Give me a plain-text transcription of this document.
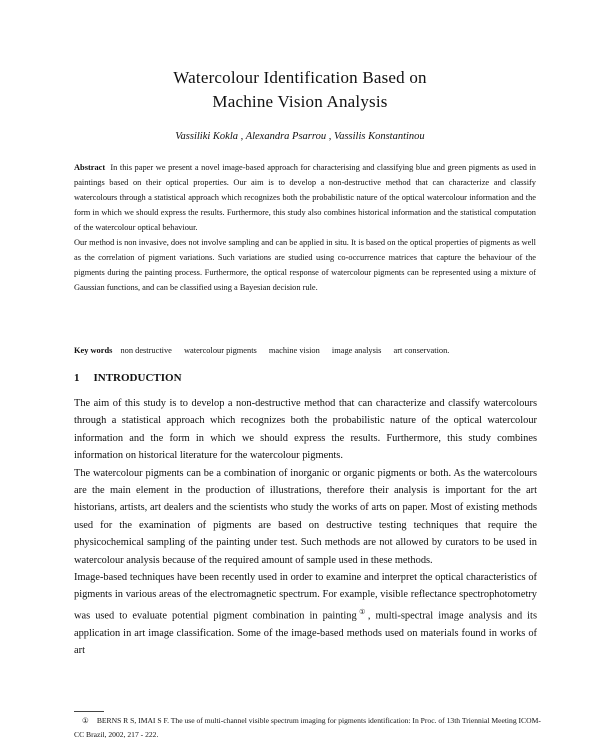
Watercolour Identification Based on
Machine Vision Analysis
Vassiliki Kokla , Alexandra Psarrou , Vassilis Konstantinou

Abstract In this paper we present a novel image-based approach for characterising and classifying blue and green pigments as used in paintings based on their optical properties. Our aim is to develop a non-destructive method that can characterize and classify watercolours through a statistical approach which recognizes both the probabilistic nature of the optical watercolour information and the form in which we should express the results. Furthermore, this study also combines historical information and the statistical computation of the watercolour optical behaviour.

Our method is non invasive, does not involve sampling and can be applied in situ. It is based on the optical properties of pigments as well as the correlation of pigment variations. Such variations are studied using co-occurrence matrices that capture the behaviour of the pigments during the painting process. Furthermore, the optical response of watercolour pigments can be represented using a mixture of Gaussian functions, and can be classified using a Bayesian decision rule.

Key words non destructive watercolour pigments machine vision image analysis art conservation.
1 INTRODUCTION

The aim of this study is to develop a non-destructive method that can characterize and classify watercolours through a statistical approach which recognizes both the probabilistic nature of the optical watercolour information and the form in which we should express the results. Furthermore, this study combines information on historical literature for the watercolour pigments.

The watercolour pigments can be a combination of inorganic or organic pigments or both. As the watercolours are the main element in the production of illustrations, therefore their analysis is important for the art historians, artists, art dealers and the scientists who study the works of arts on paper. Most of existing methods used for the examination of pigments are based on destructive testing techniques that require the physicochemical sampling of the painting under test. Such methods are not allowed by curators to be used in watercolour analysis because of the required amount of sample used in these methods.

Image-based techniques have been recently used in order to examine and interpret the optical characteristics of pigments in various areas of the electromagnetic spectrum. For example, visible reflectance spectrophotometry was used to evaluate potential pigment combination in painting①, multi-spectral image analysis and its application in art image classification. Some of the image-based methods used on materials found in works of art

① BERNS R S, IMAI S F. The use of multi-channel visible spectrum imaging for pigments identification: In Proc. of 13th Triennial Meeting ICOM-CC Brazil, 2002, 217 - 222.
